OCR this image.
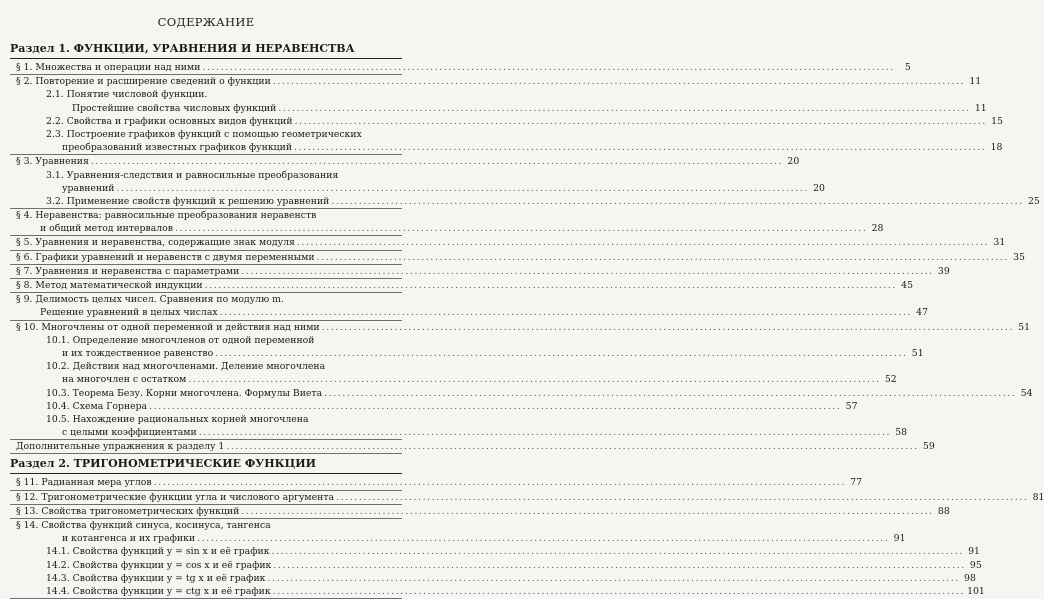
СОДЕРЖАНИЕ
Раздел 1. ФУНКЦИИ, УРАВНЕНИЯ И НЕРАВЕНСТВА
§ 1. Множества и операции над ними .....	5
§ 2. Повторение и расширение сведений о функции .....	11
2.1. Понятие числовой функции.
Простейшие свойства числовых функций .....	11
2.2. Свойства и графики основных видов функций .....	15
2.3. Построение графиков функций с помощью геометрических
преобразований известных графиков функций .....	18
§ 3. Уравнения .....	20
3.1. Уравнения-следствия и равносильные преобразования
уравнений .....	20
3.2. Применение свойств функций к решению уравнений .....	25
§ 4. Неравенства: равносильные преобразования неравенств
и общий метод интервалов .....	28
§ 5. Уравнения и неравенства, содержащие знак модуля .....	31
§ 6. Графики уравнений и неравенств с двумя переменными .....	35
§ 7. Уравнения и неравенства с параметрами .....	39
§ 8. Метод математической индукции .....	45
§ 9. Делимость целых чисел. Сравнения по модулю m.
Решение уравнений в целых числах .....	47
§ 10. Многочлены от одной переменной и действия над ними .....	51
10.1. Определение многочленов от одной переменной
и их тождественное равенство .....	51
10.2. Действия над многочленами. Деление многочлена
на многочлен с остатком .....	52
10.3. Теорема Безу. Корни многочлена. Формулы Виета .....	54
10.4. Схема Горнера .....	57
10.5. Нахождение рациональных корней многочлена
с целыми коэффициентами .....	58
Дополнительные упражнения к разделу 1 .....	59
Раздел 2. ТРИГОНОМЕТРИЧЕСКИЕ ФУНКЦИИ
§ 11. Радианная мера углов .....	77
§ 12. Тригонометрические функции угла и числового аргумента .....	81
§ 13. Свойства тригонометрических функций .....	88
§ 14. Свойства функций синуса, косинуса, тангенса
и котангенса и их графики .....	91
14.1. Свойства функций y = sin x и её график .....	91
14.2. Свойства функции y = cos x и её график .....	95
14.3. Свойства функции y = tg x и её график .....	98
14.4. Свойства функции y = ctg x и её график .....	101
